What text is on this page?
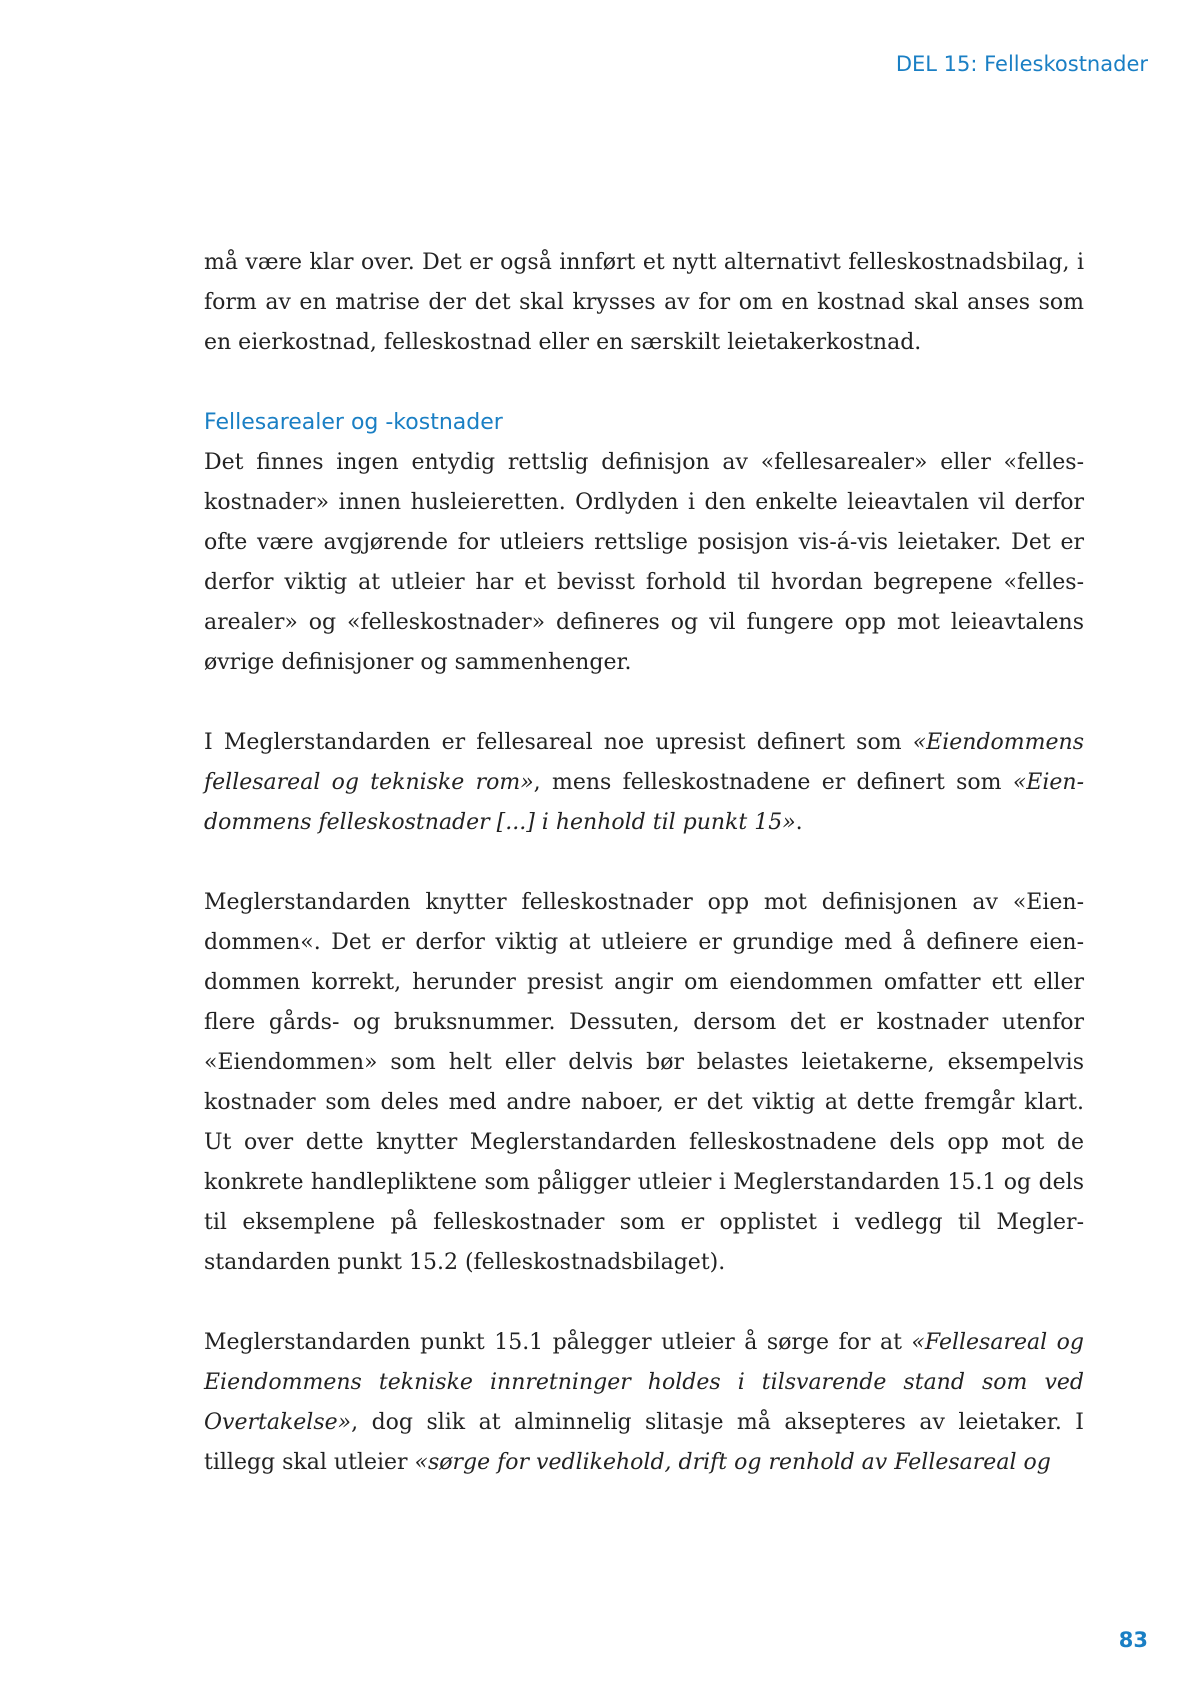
DEL 15: Felleskostnader

må være klar over. Det er også innført et nytt alternativt felleskostnadsbilag, i form av en matrise der det skal krysses av for om en kostnad skal anses som en eierkostnad, felleskostnad eller en særskilt leietakerkostnad.

Fellesarealer og -kostnader

Det finnes ingen entydig rettslig definisjon av «fellesarealer» eller «felleskostnader» innen husleieretten. Ordlyden i den enkelte leieavtalen vil derfor ofte være avgjørende for utleiers rettslige posisjon vis-á-vis leietaker. Det er derfor viktig at utleier har et bevisst forhold til hvordan begrepene «fellesarealer» og «felleskostnader» defineres og vil fungere opp mot leieavtalens øvrige definisjoner og sammenhenger.

I Meglerstandarden er fellesareal noe upresist definert som «Eiendommens fellesareal og tekniske rom», mens felleskostnadene er definert som «Eiendommens felleskostnader [...] i henhold til punkt 15».

Meglerstandarden knytter felleskostnader opp mot definisjonen av «Eiendommen«. Det er derfor viktig at utleiere er grundige med å definere eiendommen korrekt, herunder presist angir om eiendommen omfatter ett eller flere gårds- og bruksnummer. Dessuten, dersom det er kostnader utenfor «Eiendommen» som helt eller delvis bør belastes leietakerne, eksempelvis kostnader som deles med andre naboer, er det viktig at dette fremgår klart. Ut over dette knytter Meglerstandarden felleskostnadene dels opp mot de konkrete handlepliktene som påligger utleier i Meglerstandarden 15.1 og dels til eksemplene på felleskostnader som er opplistet i vedlegg til Meglerstandarden punkt 15.2 (felleskostnadsbilaget).

Meglerstandarden punkt 15.1 pålegger utleier å sørge for at «Fellesareal og Eiendommens tekniske innretninger holdes i tilsvarende stand som ved Overtakelse», dog slik at alminnelig slitasje må aksepteres av leietaker. I tillegg skal utleier «sørge for vedlikehold, drift og renhold av Fellesareal og

83
